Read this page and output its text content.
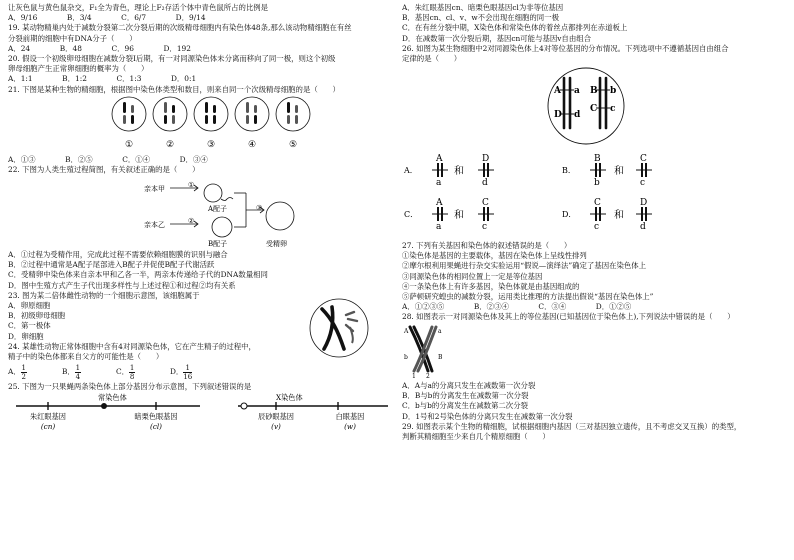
让灰色鼠与黄色鼠杂交，F₁全为青色，理论上F₂存活个体中青色鼠所占的比例是
A．9/16　　　　B．3/4　　　　C．6/7　　　　D．9/14
19. 某动物精巢内处于减数分裂第二次分裂后期的次级精母细胞内有染色体48条,那么该动物精细胞在有丝
分裂前期的细胞中有DNA分子（　　）
A．24　　　　B．48　　　　C．96　　　　D．192
20. 假设一个初级卵母细胞在减数分裂Ⅰ后期，有一对同源染色体未分离而移向了同一极，则这个初级
卵母细胞产生正常卵细胞的概率为（　　）
A．1:1　　　　B．1:2　　　　C．1:3　　　　D．0:1
21. 下图是某种生物的精细胞，根据图中染色体类型和数目，则来自同一个次级精母细胞的是（　　）
①	②	③	④	⑤
A．①③　　　　B．②⑤　　　　C．①④　　　　D．③④
22. 下图为人类生殖过程简图，有关叙述正确的是（　　）
亲本甲
亲本乙
①
②
③
A配子
B配子	受精卵
A．①过程为受精作用，完成此过程不需要依赖细胞膜的识别与融合
B．②过程中通常是A配子尾部进入B配子并促使B配子代谢活跃
C．受精卵中染色体来自亲本甲和乙各一半，两亲本传递给子代的DNA数量相同
D．图中生殖方式产生子代出现多样性与上述过程①和过程②均有关系
23. 图为某二倍体雌性动物的一个细胞示意图，该细胞属于
A．卵原细胞
B．初级卵母细胞
C．第一极体
D．卵细胞
24. 某雄性动物正常体细胞中含有4对同源染色体，它在产生精子的过程中，
精子中的染色体都来自父方的可能性是（　　）
A． $\frac{1}{2}$	B． $\frac{1}{4}$	C． $\frac{1}{8}$	D． $\frac{1}{16}$
25. 下图为一只果蝇两条染色体上部分基因分布示意图，下列叙述错误的是
常染色体	X染色体
朱红眼基因
(cn)
暗栗色眼基因
(cl)
辰砂眼基因
(v)
白眼基因
(w)
A．朱红眼基因cn、暗栗色眼基因cl为非等位基因
B．基因cn、cl、v、w不会出现在细胞的同一极
C．在有丝分裂中期，X染色体和常染色体的着丝点都排列在赤道板上
D．在减数第一次分裂后期，基因cn可能与基因v自由组合
26. 如图为某生物细胞中2对同源染色体上4对等位基因的分布情况。下列选项中不遵循基因自由组合
定律的是（　　）
A a B b
D d
C c

A．
A
a
和
D
d
B．
B
b
和
C
c
C．
A
a
和
C
c
D．
C
c
和
D
d
27. 下列有关基因和染色体的叙述错误的是（　　）
①染色体是基因的主要载体，基因在染色体上呈线性排列
②摩尔根利用果蝇进行杂交实验运用“假说—演绎法”确定了基因在染色体上
③同源染色体的相同位置上一定是等位基因
④一条染色体上有许多基因，染色体就是由基因组成的
⑤萨顿研究蝗虫的减数分裂，运用类比推理的方法提出假说“基因在染色体上”
A．①②③⑤　　　　B．②③④　　　　C．③④　　　　D．①②⑤
28. 如图表示一对同源染色体及其上的等位基因(已知基因位于染色体上),下列说法中错误的是（　　）
A	a
b	B
1 2
A．A与a的分离只发生在减数第一次分裂
B．B与b的分离发生在减数第一次分裂
C．b与b的分离发生在减数第二次分裂
D．1号和2号染色体的分离只发生在减数第一次分裂
29. 如图表示某个生物的精细胞，试根据细胞内基因（三对基因独立遗传，且不考虑交叉互换）的类型，
判断其精细胞至少来自几个精原细胞（　　）
